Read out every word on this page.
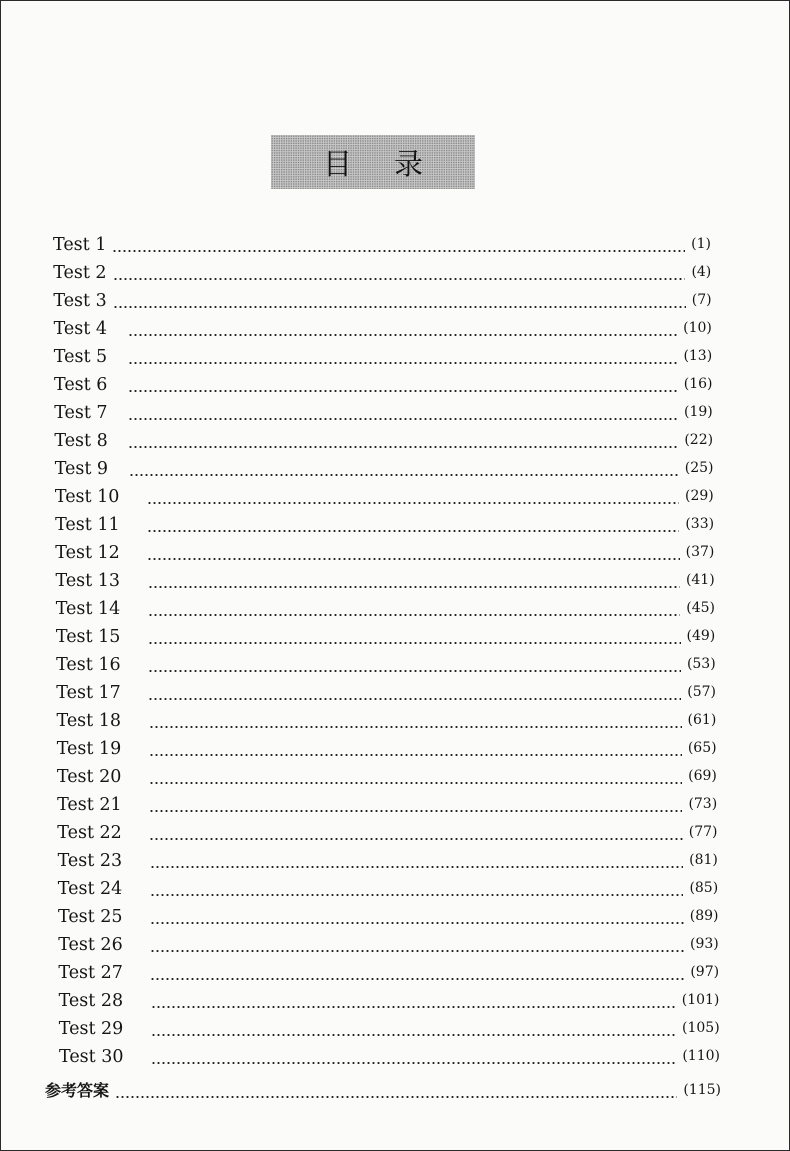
目录
Test 1	(1)
Test 2	(4)
Test 3	(7)
Test 4	(10)
Test 5	(13)
Test 6	(16)
Test 7	(19)
Test 8	(22)
Test 9	(25)
Test 10	(29)
Test 11	(33)
Test 12	(37)
Test 13	(41)
Test 14	(45)
Test 15	(49)
Test 16	(53)
Test 17	(57)
Test 18	(61)
Test 19	(65)
Test 20	(69)
Test 21	(73)
Test 22	(77)
Test 23	(81)
Test 24	(85)
Test 25	(89)
Test 26	(93)
Test 27	(97)
Test 28	(101)
Test 29	(105)
Test 30	(110)
参考答案	(115)
